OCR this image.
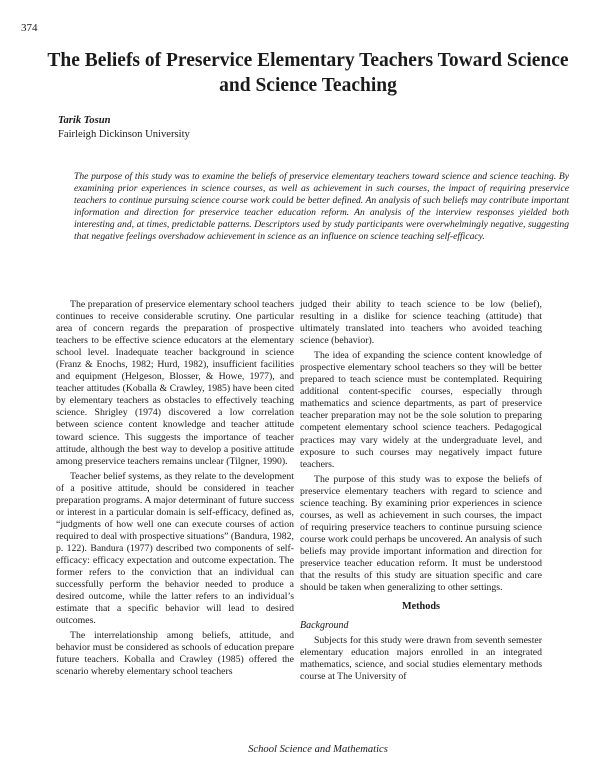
374
The Beliefs of Preservice Elementary Teachers Toward Science and Science Teaching
Tarik Tosun
Fairleigh Dickinson University

The purpose of this study was to examine the beliefs of preservice elementary teachers toward science and science teaching. By examining prior experiences in science courses, as well as achievement in such courses, the impact of requiring preservice teachers to continue pursuing science course work could be better defined. An analysis of such beliefs may contribute important information and direction for preservice teacher education reform. An analysis of the interview responses yielded both interesting and, at times, predictable patterns. Descriptors used by study participants were overwhelmingly negative, suggesting that negative feelings overshadow achievement in science as an influence on science teaching self-efficacy.

The preparation of preservice elementary school teachers continues to receive considerable scrutiny. One particular area of concern regards the preparation of prospective teachers to be effective science educators at the elementary school level. Inadequate teacher background in science (Franz & Enochs, 1982; Hurd, 1982), insufficient facilities and equipment (Helgeson, Blosser, & Howe, 1977), and teacher attitudes (Koballa & Crawley, 1985) have been cited by elementary teachers as obstacles to effectively teaching science. Shrigley (1974) discovered a low correlation between science content knowledge and teacher attitude toward science. This suggests the importance of teacher attitude, although the best way to develop a positive attitude among preservice teachers remains unclear (Tilgner, 1990).

Teacher belief systems, as they relate to the development of a positive attitude, should be considered in teacher preparation programs. A major determinant of future success or interest in a particular domain is self-efficacy, defined as, “judgments of how well one can execute courses of action required to deal with prospective situations” (Bandura, 1982, p. 122). Bandura (1977) described two components of self-efficacy: efficacy expectation and outcome expectation. The former refers to the conviction that an individual can successfully perform the behavior needed to produce a desired outcome, while the latter refers to an individual’s estimate that a specific behavior will lead to desired outcomes.

The interrelationship among beliefs, attitude, and behavior must be considered as schools of education prepare future teachers. Koballa and Crawley (1985) offered the scenario whereby elementary school teachers

judged their ability to teach science to be low (belief), resulting in a dislike for science teaching (attitude) that ultimately translated into teachers who avoided teaching science (behavior).

The idea of expanding the science content knowledge of prospective elementary school teachers so they will be better prepared to teach science must be contemplated. Requiring additional content-specific courses, especially through mathematics and science departments, as part of preservice teacher preparation may not be the sole solution to preparing competent elementary school science teachers. Pedagogical practices may vary widely at the undergraduate level, and exposure to such courses may negatively impact future teachers.

The purpose of this study was to expose the beliefs of preservice elementary teachers with regard to science and science teaching. By examining prior experiences in science courses, as well as achievement in such courses, the impact of requiring preservice teachers to continue pursuing science course work could perhaps be uncovered. An analysis of such beliefs may provide important information and direction for preservice teacher education reform. It must be understood that the results of this study are situation specific and care should be taken when generalizing to other settings.

Methods
Background

Subjects for this study were drawn from seventh semester elementary education majors enrolled in an integrated mathematics, science, and social studies elementary methods course at The University of

School Science and Mathematics
